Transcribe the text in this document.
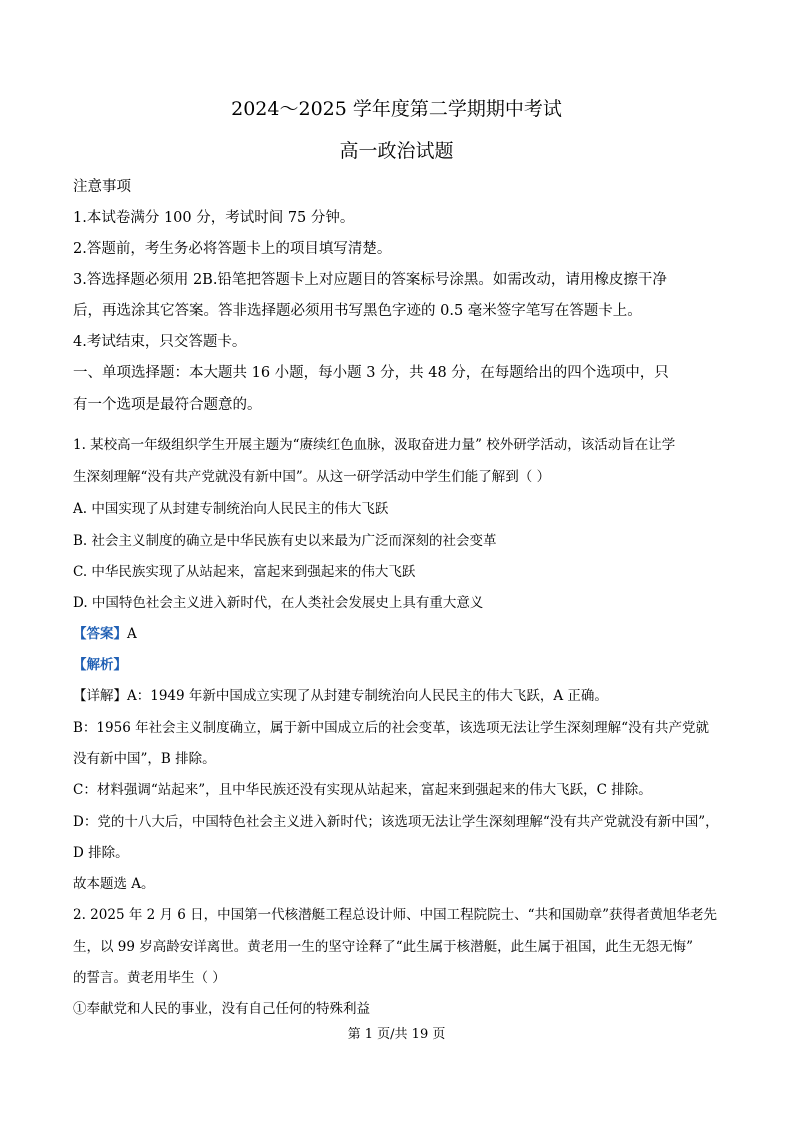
2024～2025 学年度第二学期期中考试
高一政治试题
注意事项
1.本试卷满分 100 分，考试时间 75 分钟。
2.答题前，考生务必将答题卡上的项目填写清楚。
3.答选择题必须用 2B.铅笔把答题卡上对应题目的答案标号涂黑。如需改动，请用橡皮擦干净
后，再选涂其它答案。答非选择题必须用书写黑色字迹的 0.5 毫米签字笔写在答题卡上。
4.考试结束，只交答题卡。
一、单项选择题：本大题共 16 小题，每小题 3 分，共 48 分，在每题给出的四个选项中，只
有一个选项是最符合题意的。
1. 某校高一年级组织学生开展主题为“赓续红色血脉，汲取奋进力量” 校外研学活动，该活动旨在让学
生深刻理解“没有共产党就没有新中国”。从这一研学活动中学生们能了解到（ ）
A. 中国实现了从封建专制统治向人民民主的伟大飞跃
B. 社会主义制度的确立是中华民族有史以来最为广泛而深刻的社会变革
C. 中华民族实现了从站起来，富起来到强起来的伟大飞跃
D. 中国特色社会主义进入新时代，在人类社会发展史上具有重大意义
【答案】A
【解析】
【详解】A：1949 年新中国成立实现了从封建专制统治向人民民主的伟大飞跃，A 正确。
B：1956 年社会主义制度确立，属于新中国成立后的社会变革，该选项无法让学生深刻理解“没有共产党就
没有新中国”，B 排除。
C：材料强调“站起来”，且中华民族还没有实现从站起来，富起来到强起来的伟大飞跃，C 排除。
D：党的十八大后，中国特色社会主义进入新时代；该选项无法让学生深刻理解“没有共产党就没有新中国”，
D 排除。
故本题选 A。
2. 2025 年 2 月 6 日，中国第一代核潜艇工程总设计师、中国工程院院士、“共和国勋章”获得者黄旭华老先
生，以 99 岁高龄安详离世。黄老用一生的坚守诠释了“此生属于核潜艇，此生属于祖国，此生无怨无悔”
的誓言。黄老用毕生（ ）
①奉献党和人民的事业，没有自己任何的特殊利益
第 1 页/共 19 页
